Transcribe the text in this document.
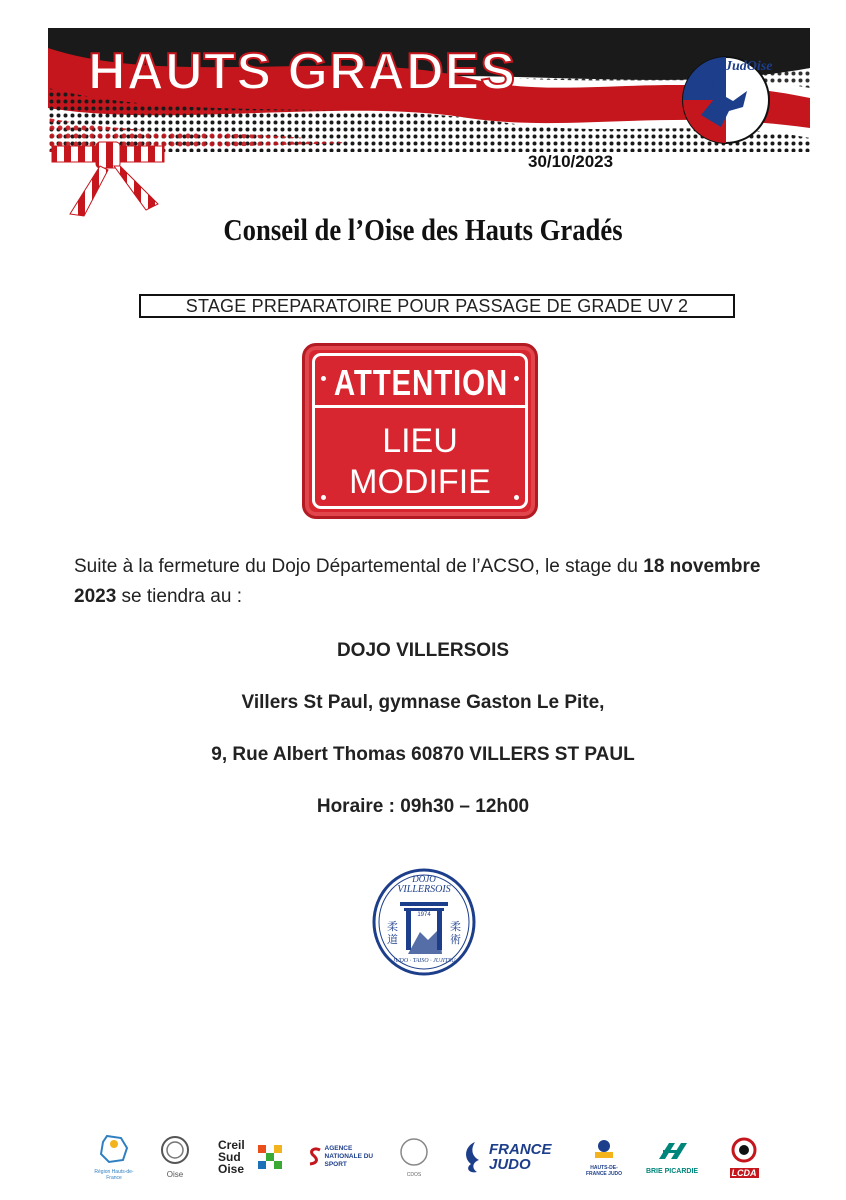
HAUTS GRADES	JudOise
30/10/2023
Conseil de l’Oise des Hauts Gradés
STAGE PREPARATOIRE POUR PASSAGE DE GRADE UV 2
ATTENTION
LIEU
MODIFIE
Suite à la fermeture du Dojo Départemental de l’ACSO, le stage du 18 novembre 2023 se tiendra au :
DOJO VILLERSOIS
Villers St Paul, gymnase Gaston Le Pite,
9, Rue Albert Thomas 60870 VILLERS ST PAUL
Horaire : 09h30 – 12h00
柔
道
柔
術
DOJO
VILLERSOIS
1974
JUDO · TAISO · JUJITSU
Région Hauts-de-France	Oise
Creil Sud Oise
AGENCE NATIONALE DU SPORT
CDOS
FRANCE JUDO	HAUTS-DE-FRANCE JUDO	BRIE PICARDIE	LCDA
